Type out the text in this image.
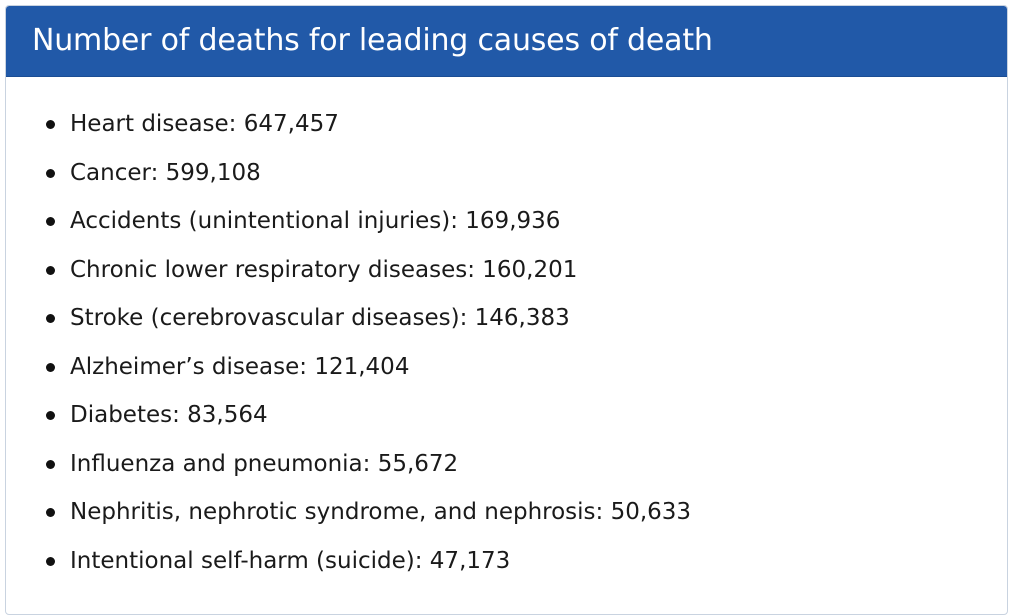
Number of deaths for leading causes of death
Heart disease: 647,457
Cancer: 599,108
Accidents (unintentional injuries): 169,936
Chronic lower respiratory diseases: 160,201
Stroke (cerebrovascular diseases): 146,383
Alzheimer’s disease: 121,404
Diabetes: 83,564
Influenza and pneumonia: 55,672
Nephritis, nephrotic syndrome, and nephrosis: 50,633
Intentional self-harm (suicide): 47,173
